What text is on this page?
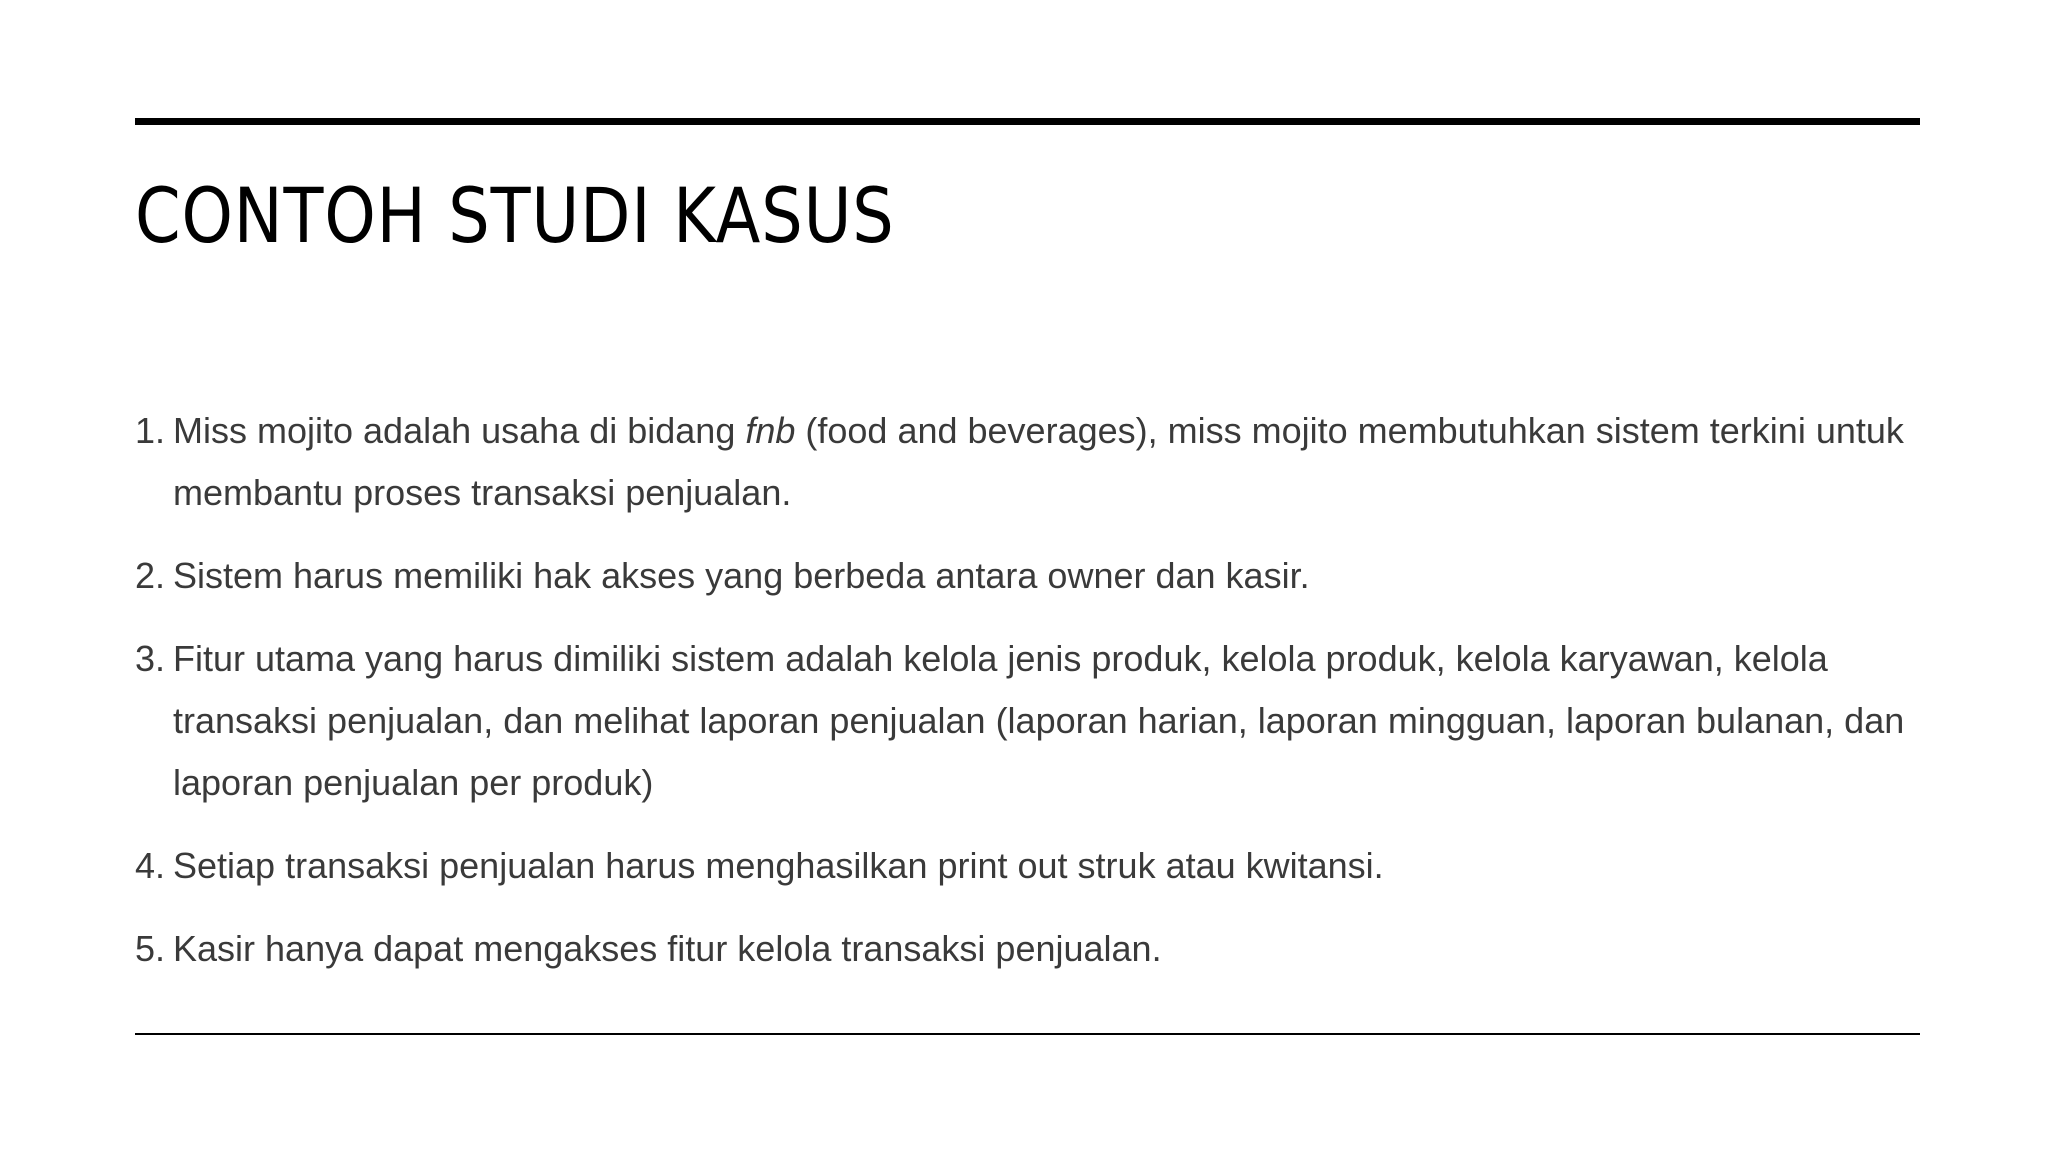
CONTOH STUDI KASUS
1. Miss mojito adalah usaha di bidang fnb (food and beverages), miss mojito membutuhkan sistem terkini untuk membantu proses transaksi penjualan.
2. Sistem harus memiliki hak akses yang berbeda antara owner dan kasir.
3. Fitur utama yang harus dimiliki sistem adalah kelola jenis produk, kelola produk, kelola karyawan, kelola transaksi penjualan, dan melihat laporan penjualan (laporan harian, laporan mingguan, laporan bulanan, dan laporan penjualan per produk)
4. Setiap transaksi penjualan harus menghasilkan print out struk atau kwitansi.
5. Kasir hanya dapat mengakses fitur kelola transaksi penjualan.
